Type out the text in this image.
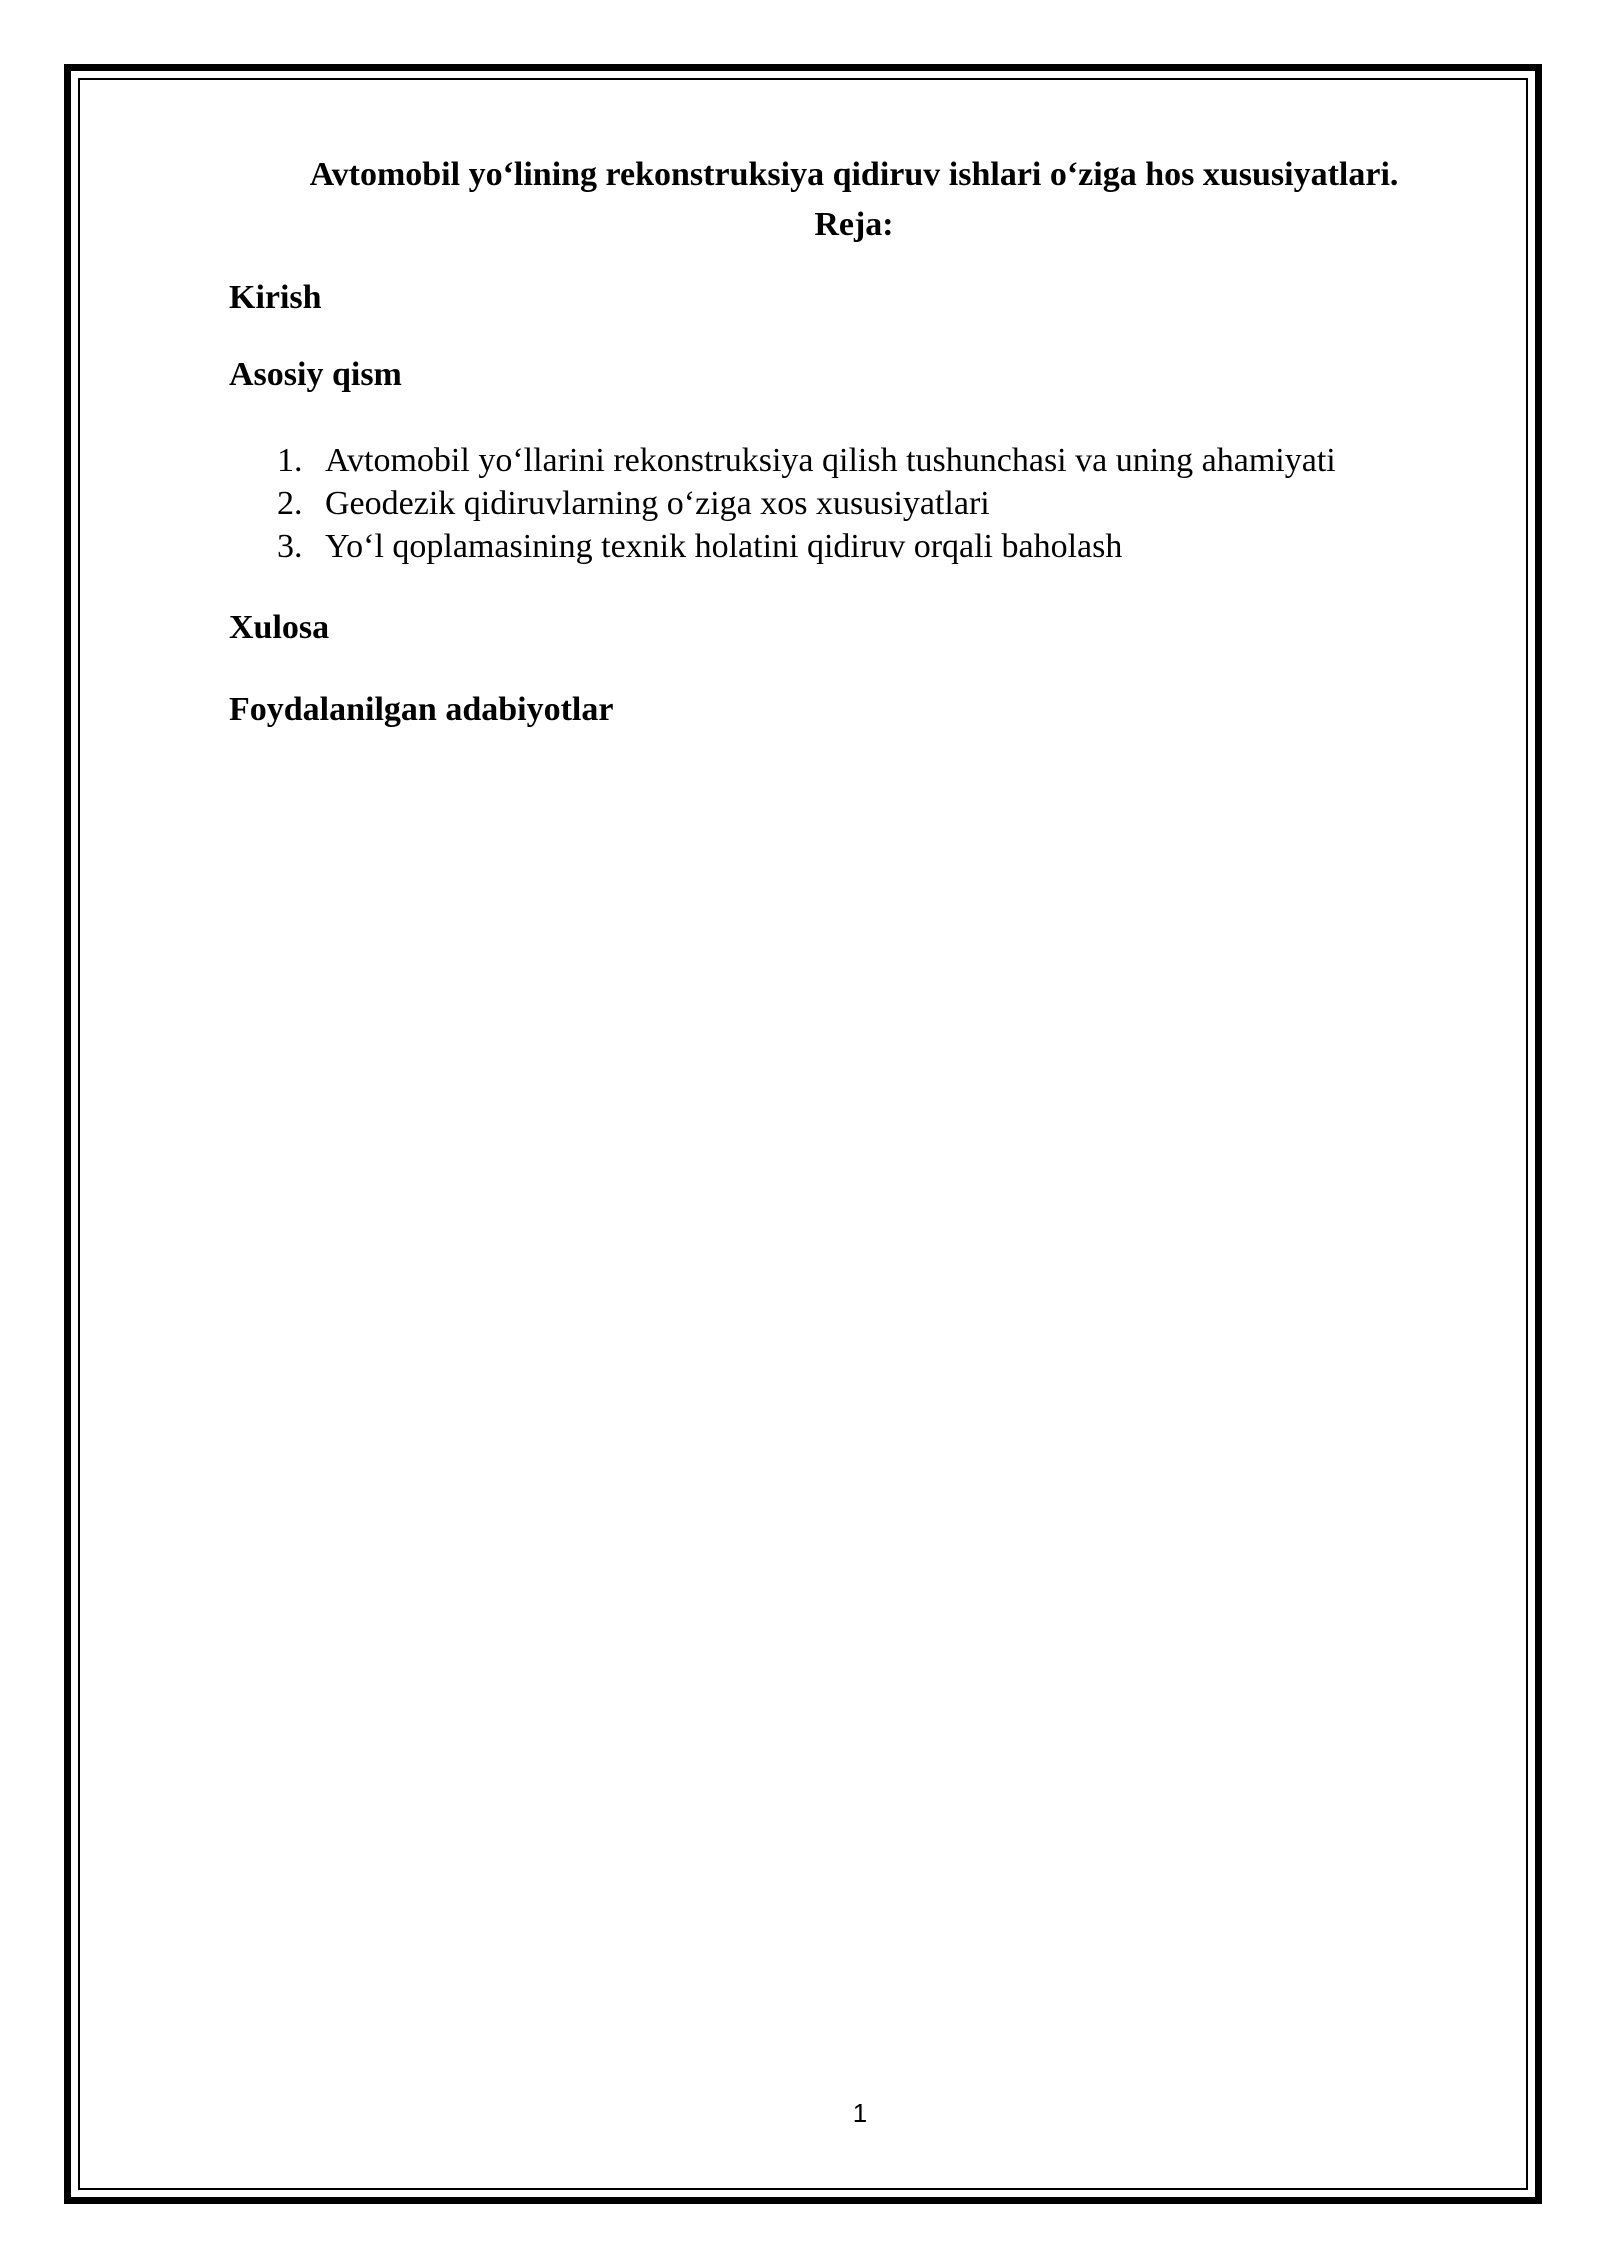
Avtomobil yo‘lining rekonstruksiya qidiruv ishlari o‘ziga hos xususiyatlari.
Reja:

Kirish

Asosiy qism

1. Avtomobil yo‘llarini rekonstruksiya qilish tushunchasi va uning ahamiyati
2. Geodezik qidiruvlarning o‘ziga xos xususiyatlari
3. Yo‘l qoplamasining texnik holatini qidiruv orqali baholash

Xulosa

Foydalanilgan adabiyotlar

1
